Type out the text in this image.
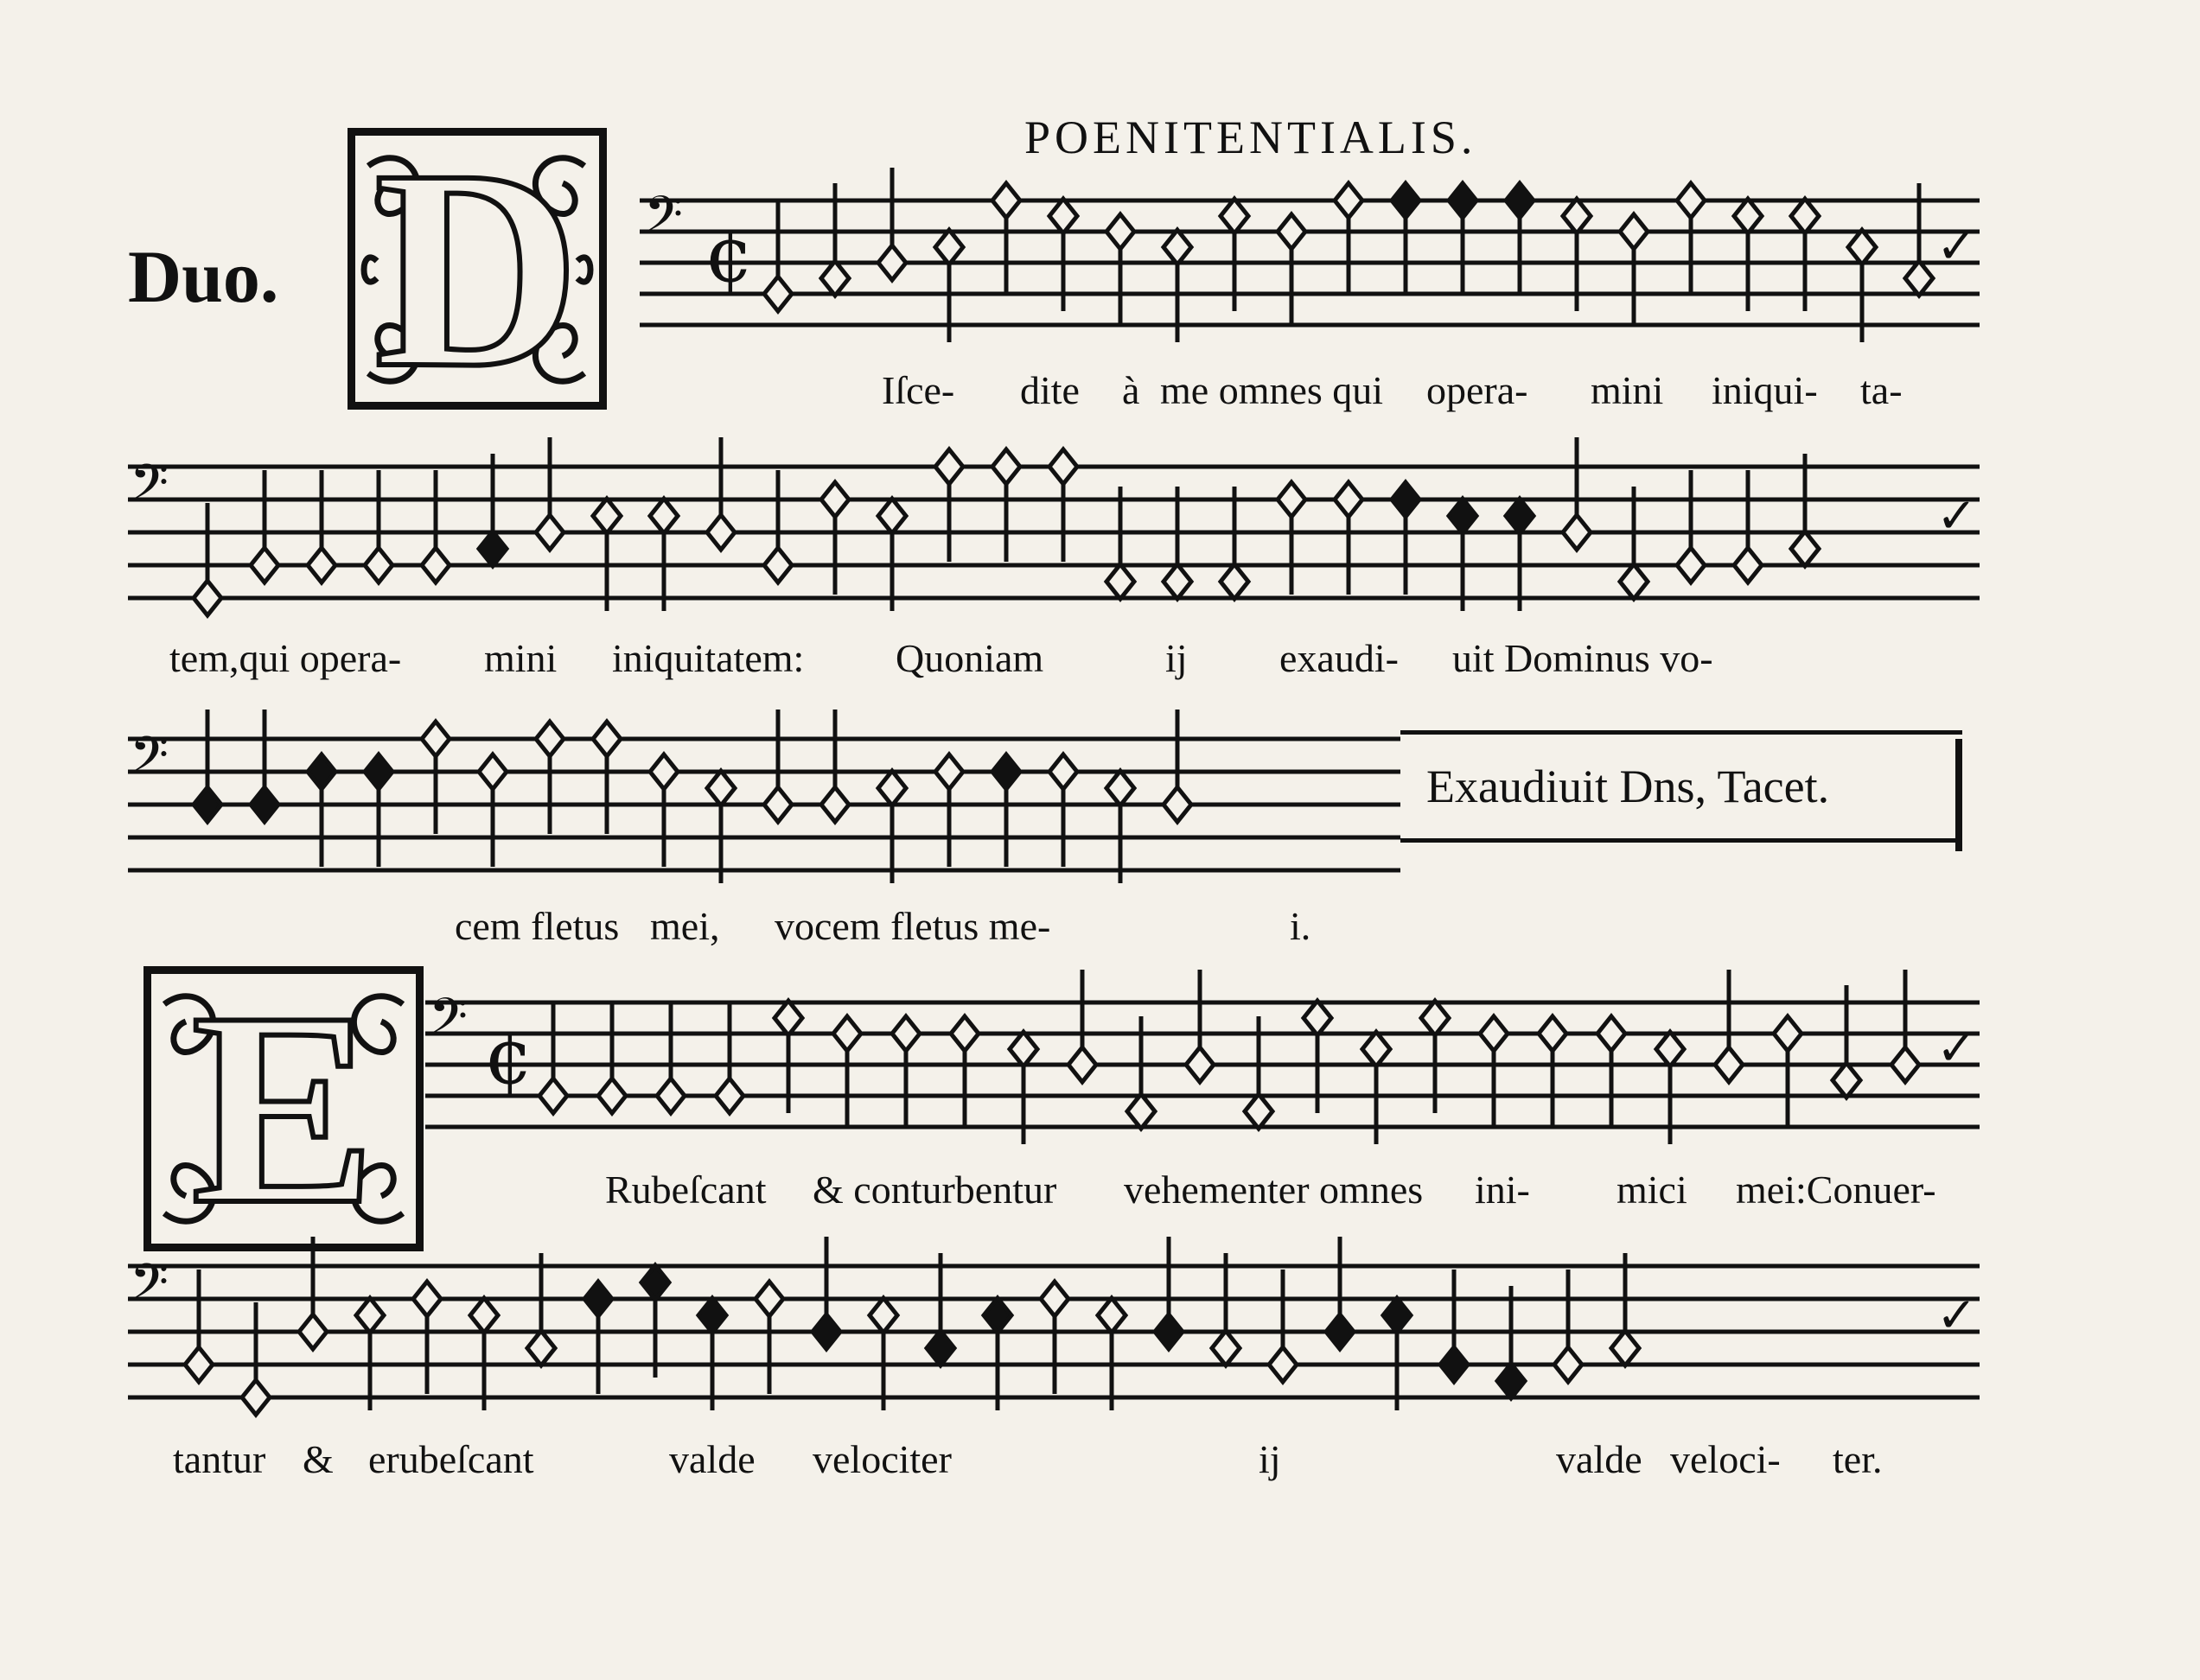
POENITENTIALIS.
Duo. D
E
𝄢 ¢	✓
𝄢	✓
𝄢
𝄢 ¢	✓
𝄢	✓
Exaudiuit Dns, Tacet.
Iſce- dite à me omnes qui opera- mini iniqui- ta-
tem,qui opera- mini iniquitatem: Quoniam	ij exaudi- uit Dominus vo-
cem fletus mei, vocem fletus me-	i.
Rubeſcant & conturbentur vehementer omnes ini- mici mei:Conuer-
tantur & erubeſcant	valde velociter	ij	valde veloci- ter.
